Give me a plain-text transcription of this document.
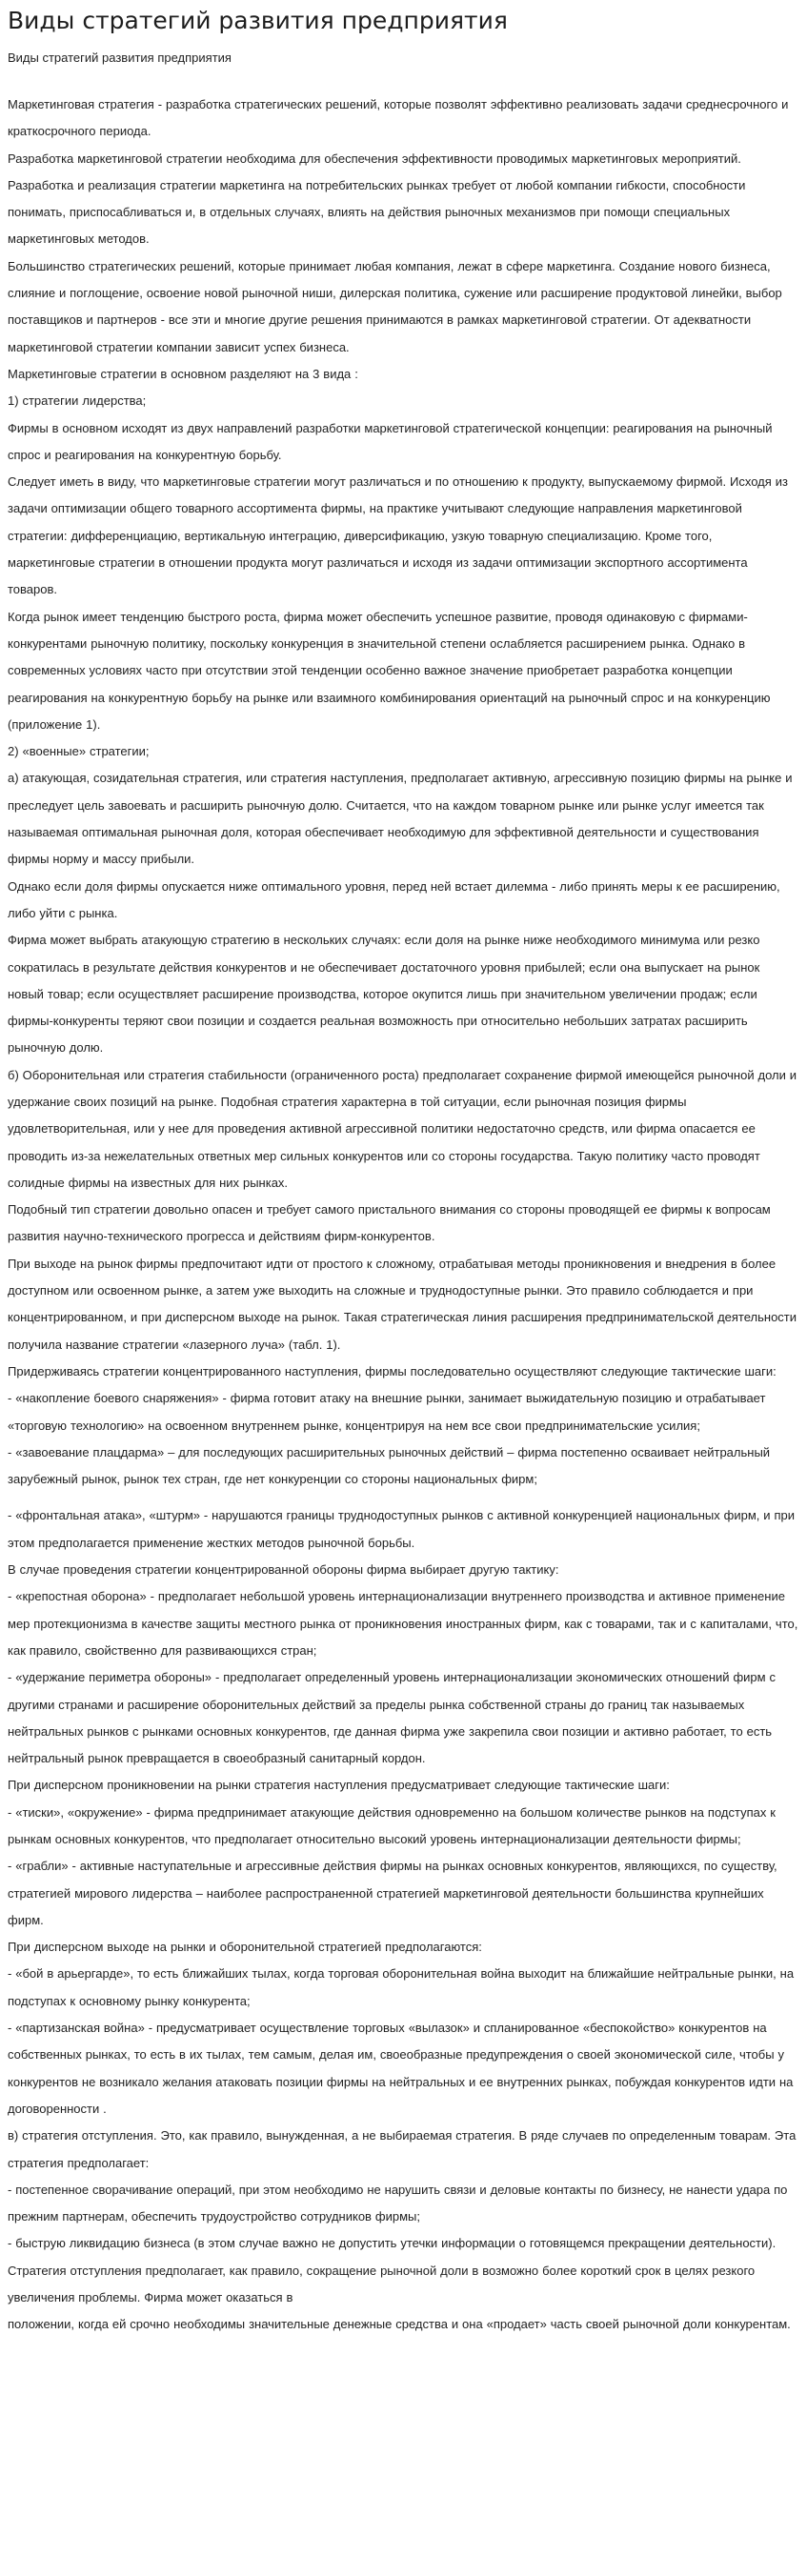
Виды стратегий развития предприятия
Виды стратегий развития предприятия

Маркетинговая стратегия - разработка стратегических решений, которые позволят эффективно реализовать задачи среднесрочного и краткосрочного периода.

Разработка маркетинговой стратегии необходима для обеспечения эффективности проводимых маркетинговых мероприятий. Разработка и реализация стратегии маркетинга на потребительских рынках требует от любой компании гибкости, способности понимать, приспосабливаться и, в отдельных случаях, влиять на действия рыночных механизмов при помощи специальных маркетинговых методов.

Большинство стратегических решений, которые принимает любая компания, лежат в сфере маркетинга. Создание нового бизнеса, слияние и поглощение, освоение новой рыночной ниши, дилерская политика, сужение или расширение продуктовой линейки, выбор поставщиков и партнеров - все эти и многие другие решения принимаются в рамках маркетинговой стратегии. От адекватности маркетинговой стратегии компании зависит успех бизнеса.

Маркетинговые стратегии в основном разделяют на 3 вида :

1) стратегии лидерства;

Фирмы в основном исходят из двух направлений разработки маркетинговой стратегической концепции: реагирования на рыночный спрос и реагирования на конкурентную борьбу.

Следует иметь в виду, что маркетинговые стратегии могут различаться и по отношению к продукту, выпускаемому фирмой. Исходя из задачи оптимизации общего товарного ассортимента фирмы, на практике учитывают следующие направления маркетинговой стратегии: дифференциацию, вертикальную интеграцию, диверсификацию, узкую товарную специализацию. Кроме того, маркетинговые стратегии в отношении продукта могут различаться и исходя из задачи оптимизации экспортного ассортимента товаров.

Когда рынок имеет тенденцию быстрого роста, фирма может обеспечить успешное развитие, проводя одинаковую с фирмами-конкурентами рыночную политику, поскольку конкуренция в значительной степени ослабляется расширением рынка. Однако в современных условиях часто при отсутствии этой тенденции особенно важное значение приобретает разработка концепции реагирования на конкурентную борьбу на рынке или взаимного комбинирования ориентаций на рыночный спрос и на конкуренцию (приложение 1).

2) «военные» стратегии;

а) атакующая, созидательная стратегия, или стратегия наступления, предполагает активную, агрессивную позицию фирмы на рынке и преследует цель завоевать и расширить рыночную долю. Считается, что на каждом товарном рынке или рынке услуг имеется так называемая оптимальная рыночная доля, которая обеспечивает необходимую для эффективной деятельности и существования фирмы норму и массу прибыли.

Однако если доля фирмы опускается ниже оптимального уровня, перед ней встает дилемма - либо принять меры к ее расширению, либо уйти с рынка.

Фирма может выбрать атакующую стратегию в нескольких случаях: если доля на рынке ниже необходимого минимума или резко сократилась в результате действия конкурентов и не обеспечивает достаточного уровня прибылей; если она выпускает на рынок новый товар; если осуществляет расширение производства, которое окупится лишь при значительном увеличении продаж; если фирмы-конкуренты теряют свои позиции и создается реальная возможность при относительно небольших затратах расширить рыночную долю.

б) Оборонительная или стратегия стабильности (ограниченного роста) предполагает сохранение фирмой имеющейся рыночной доли и удержание своих позиций на рынке. Подобная стратегия характерна в той ситуации, если рыночная позиция фирмы удовлетворительная, или у нее для проведения активной агрессивной политики недостаточно средств, или фирма опасается ее проводить из-за нежелательных ответных мер сильных конкурентов или со стороны государства. Такую политику часто проводят солидные фирмы на известных для них рынках.

Подобный тип стратегии довольно опасен и требует самого пристального внимания со стороны проводящей ее фирмы к вопросам развития научно-технического прогресса и действиям фирм-конкурентов.

При выходе на рынок фирмы предпочитают идти от простого к сложному, отрабатывая методы проникновения и внедрения в более доступном или освоенном рынке, а затем уже выходить на сложные и труднодоступные рынки. Это правило соблюдается и при концентрированном, и при дисперсном выходе на рынок. Такая стратегическая линия расширения предпринимательской деятельности получила название стратегии «лазерного луча» (табл. 1).

Придерживаясь стратегии концентрированного наступления, фирмы последовательно осуществляют следующие тактические шаги:

- «накопление боевого снаряжения» - фирма готовит атаку на внешние рынки, занимает выжидательную позицию и отрабатывает «торговую технологию» на освоенном внутреннем рынке, концентрируя на нем все свои предпринимательские усилия;

- «завоевание плацдарма» – для последующих расширительных рыночных действий – фирма постепенно осваивает нейтральный зарубежный рынок, рынок тех стран, где нет конкуренции со стороны национальных фирм;

- «фронтальная атака», «штурм» - нарушаются границы труднодоступных рынков с активной конкуренцией национальных фирм, и при этом предполагается применение жестких методов рыночной борьбы.

В случае проведения стратегии концентрированной обороны фирма выбирает другую тактику:

- «крепостная оборона» - предполагает небольшой уровень интернационализации внутреннего производства и активное применение мер протекционизма в качестве защиты местного рынка от проникновения иностранных фирм, как с товарами, так и с капиталами, что, как правило, свойственно для развивающихся стран;

- «удержание периметра обороны» - предполагает определенный уровень интернационализации экономических отношений фирм с другими странами и расширение оборонительных действий за пределы рынка собственной страны до границ так называемых нейтральных рынков с рынками основных конкурентов, где данная фирма уже закрепила свои позиции и активно работает, то есть нейтральный рынок превращается в своеобразный санитарный кордон.

При дисперсном проникновении на рынки стратегия наступления предусматривает следующие тактические шаги:

- «тиски», «окружение» - фирма предпринимает атакующие действия одновременно на большом количестве рынков на подступах к рынкам основных конкурентов, что предполагает относительно высокий уровень интернационализации деятельности фирмы;

- «грабли» - активные наступательные и агрессивные действия фирмы на рынках основных конкурентов, являющихся, по существу, стратегией мирового лидерства – наиболее распространенной стратегией маркетинговой деятельности большинства крупнейших фирм.

При дисперсном выходе на рынки и оборонительной стратегией предполагаются:

- «бой в арьергарде», то есть ближайших тылах, когда торговая оборонительная война выходит на ближайшие нейтральные рынки, на подступах к основному рынку конкурента;

- «партизанская война» - предусматривает осуществление торговых «вылазок» и спланированное «беспокойство» конкурентов на собственных рынках, то есть в их тылах, тем самым, делая им, своеобразные предупреждения о своей экономической силе, чтобы у конкурентов не возникало желания атаковать позиции фирмы на нейтральных и ее внутренних рынках, побуждая конкурентов идти на договоренности .

в) стратегия отступления. Это, как правило, вынужденная, а не выбираемая стратегия. В ряде случаев по определенным товарам. Эта стратегия предполагает:

- постепенное сворачивание операций, при этом необходимо не нарушить связи и деловые контакты по бизнесу, не нанести удара по прежним партнерам, обеспечить трудоустройство сотрудников фирмы;

- быструю ликвидацию бизнеса (в этом случае важно не допустить утечки информации о готовящемся прекращении деятельности).

Стратегия отступления предполагает, как правило, сокращение рыночной доли в возможно более короткий срок в целях резкого увеличения проблемы. Фирма может оказаться в

положении, когда ей срочно необходимы значительные денежные средства и она «продает» часть своей рыночной доли конкурентам.
